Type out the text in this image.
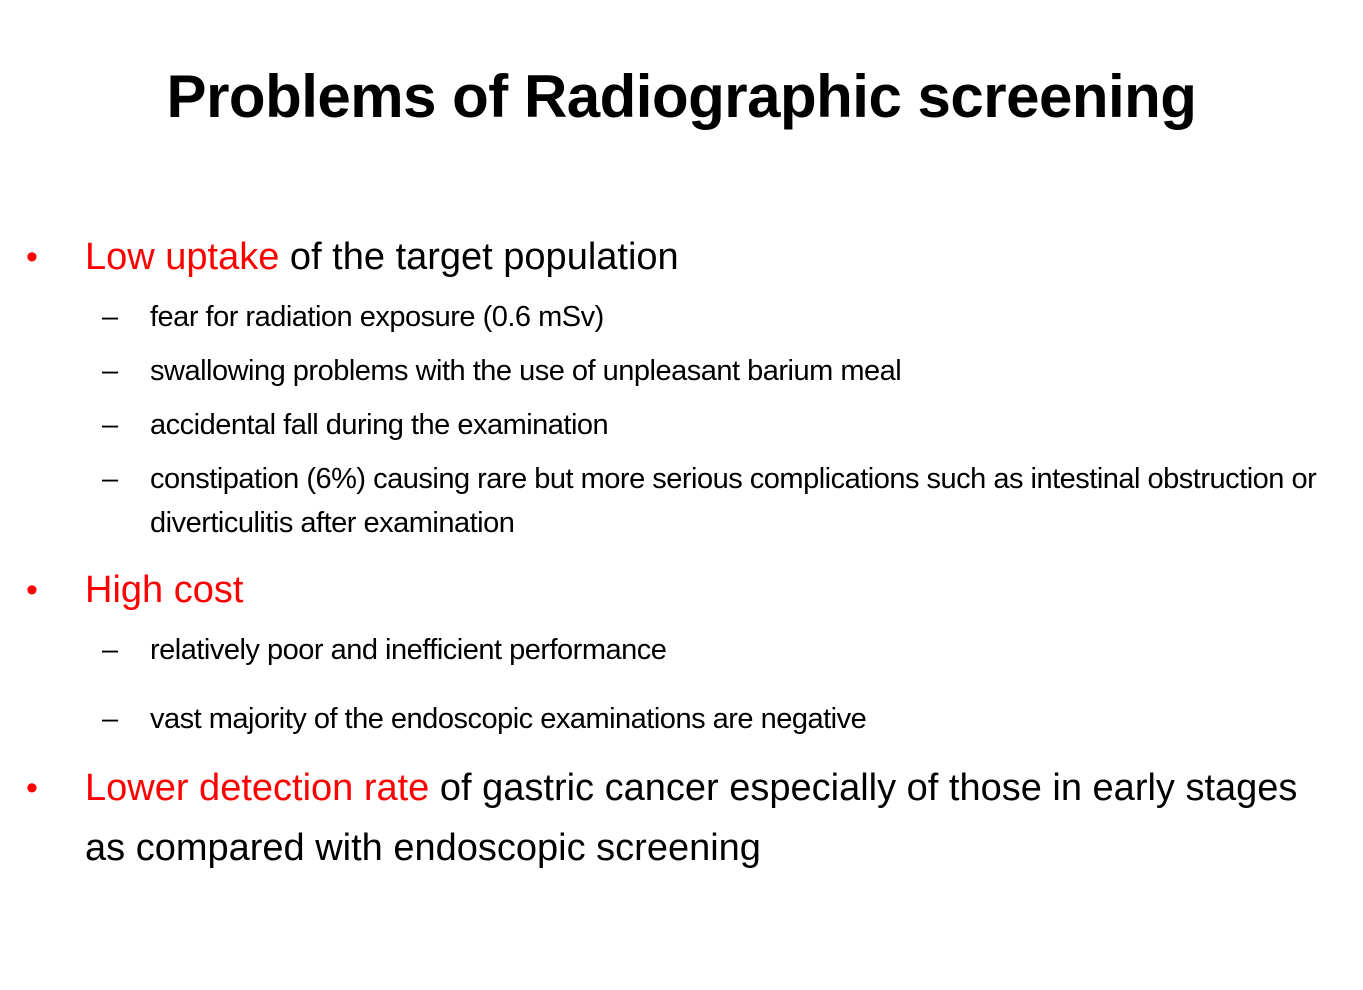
Problems of Radiographic screening
•	Low uptake of the target population
–	fear for radiation exposure (0.6 mSv)
–	swallowing problems with the use of unpleasant barium meal
–	accidental fall during the examination
–	constipation (6%) causing rare but more serious complications such as intestinal obstruction or diverticulitis after examination
•	High cost
–	relatively poor and inefficient performance
–	vast majority of the endoscopic examinations are negative
•	Lower detection rate of gastric cancer especially of those in early stages as compared with endoscopic screening
